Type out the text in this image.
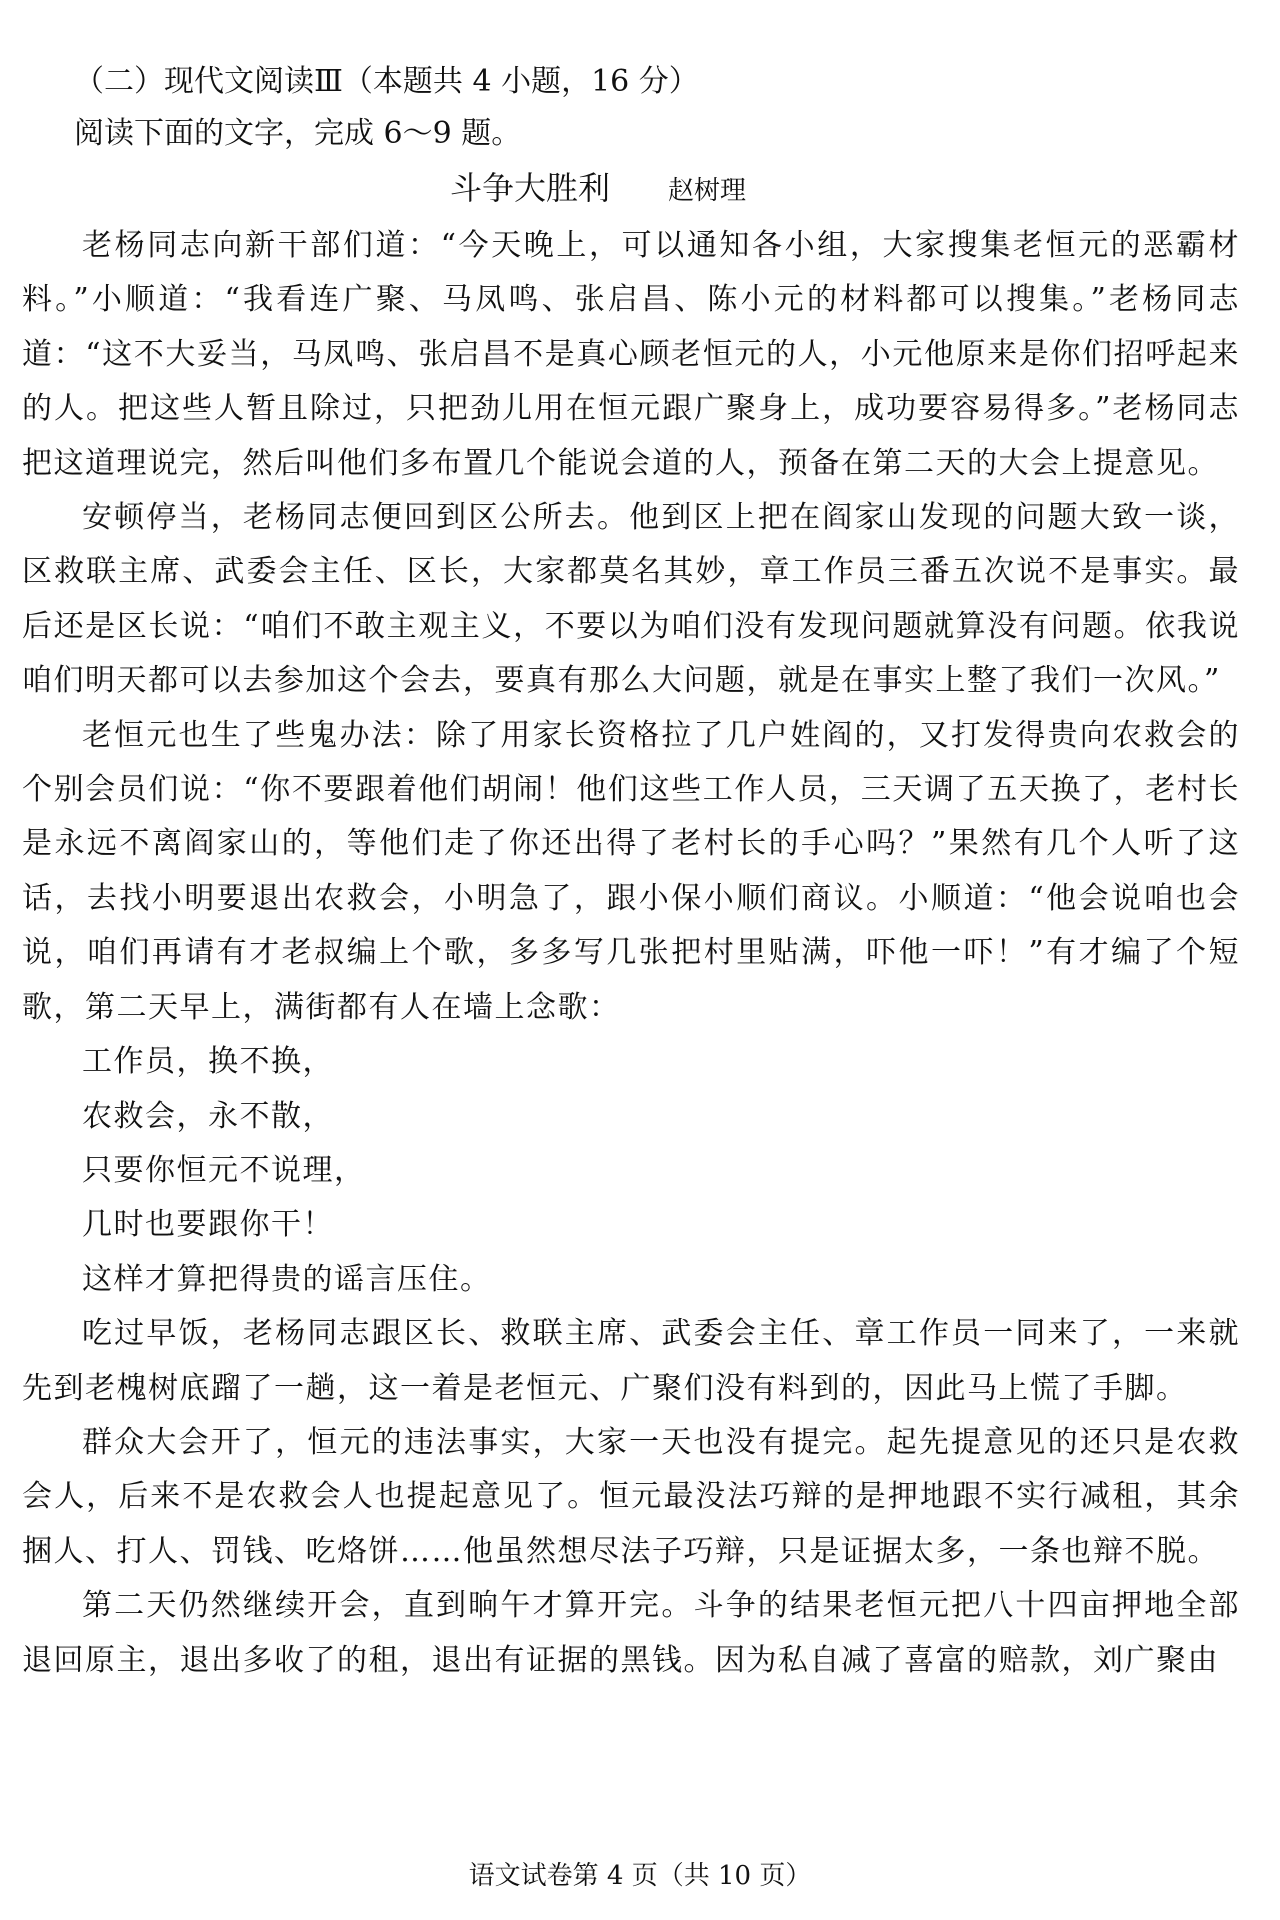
（二）现代文阅读Ⅲ（本题共 4 小题，16 分）
阅读下面的文字，完成 6～9 题。
斗争大胜利 赵树理

老杨同志向新干部们道：“今天晚上，可以通知各小组，大家搜集老恒元的恶霸材料。”小顺道：“我看连广聚、马凤鸣、张启昌、陈小元的材料都可以搜集。”老杨同志道：“这不大妥当，马凤鸣、张启昌不是真心顾老恒元的人，小元他原来是你们招呼起来的人。把这些人暂且除过，只把劲儿用在恒元跟广聚身上，成功要容易得多。”老杨同志把这道理说完，然后叫他们多布置几个能说会道的人，预备在第二天的大会上提意见。

安顿停当，老杨同志便回到区公所去。他到区上把在阎家山发现的问题大致一谈，区救联主席、武委会主任、区长，大家都莫名其妙，章工作员三番五次说不是事实。最后还是区长说：“咱们不敢主观主义，不要以为咱们没有发现问题就算没有问题。依我说咱们明天都可以去参加这个会去，要真有那么大问题，就是在事实上整了我们一次风。”

老恒元也生了些鬼办法：除了用家长资格拉了几户姓阎的，又打发得贵向农救会的个别会员们说：“你不要跟着他们胡闹！他们这些工作人员，三天调了五天换了，老村长是永远不离阎家山的，等他们走了你还出得了老村长的手心吗？”果然有几个人听了这话，去找小明要退出农救会，小明急了，跟小保小顺们商议。小顺道：“他会说咱也会说，咱们再请有才老叔编上个歌，多多写几张把村里贴满，吓他一吓！”有才编了个短歌，第二天早上，满街都有人在墙上念歌：

工作员，换不换，

农救会，永不散，

只要你恒元不说理，

几时也要跟你干！

这样才算把得贵的谣言压住。

吃过早饭，老杨同志跟区长、救联主席、武委会主任、章工作员一同来了，一来就先到老槐树底蹓了一趟，这一着是老恒元、广聚们没有料到的，因此马上慌了手脚。

群众大会开了，恒元的违法事实，大家一天也没有提完。起先提意见的还只是农救会人，后来不是农救会人也提起意见了。恒元最没法巧辩的是押地跟不实行减租，其余捆人、打人、罚钱、吃烙饼……他虽然想尽法子巧辩，只是证据太多，一条也辩不脱。

第二天仍然继续开会，直到晌午才算开完。斗争的结果老恒元把八十四亩押地全部退回原主，退出多收了的租，退出有证据的黑钱。因为私自减了喜富的赔款，刘广聚由

语文试卷第 4 页（共 10 页）
